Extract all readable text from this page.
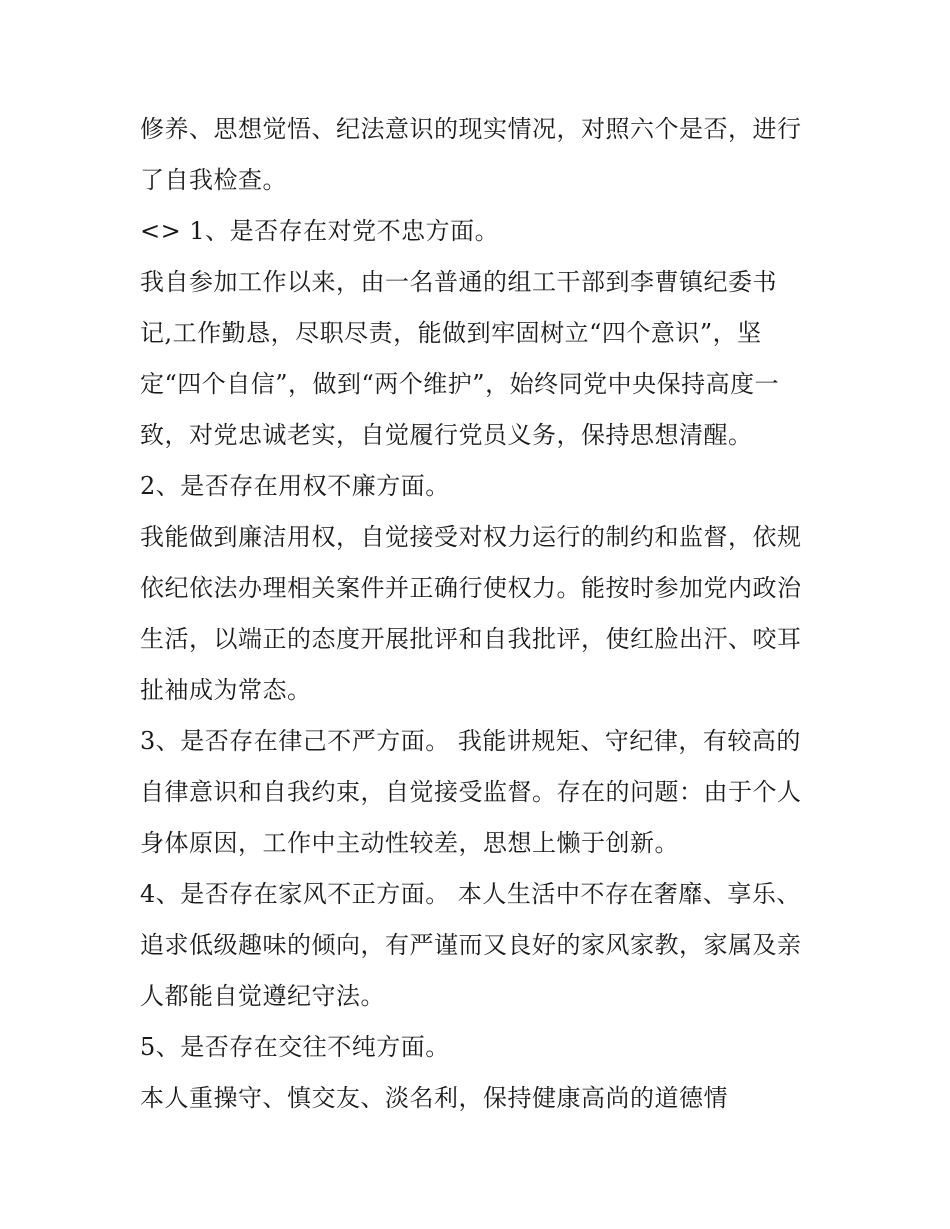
修养、思想觉悟、纪法意识的现实情况，对照六个是否，进行

了自我检查。

<> 1、是否存在对党不忠方面。

我自参加工作以来，由一名普通的组工干部到李曹镇纪委书

记,工作勤恳，尽职尽责，能做到牢固树立“四个意识”，坚

定“四个自信”，做到“两个维护”，始终同党中央保持高度一

致，对党忠诚老实，自觉履行党员义务，保持思想清醒。

2、是否存在用权不廉方面。

我能做到廉洁用权，自觉接受对权力运行的制约和监督，依规

依纪依法办理相关案件并正确行使权力。能按时参加党内政治

生活，以端正的态度开展批评和自我批评，使红脸出汗、咬耳

扯袖成为常态。

3、是否存在律己不严方面。 我能讲规矩、守纪律，有较高的

自律意识和自我约束，自觉接受监督。存在的问题：由于个人

身体原因，工作中主动性较差，思想上懒于创新。

4、是否存在家风不正方面。 本人生活中不存在奢靡、享乐、

追求低级趣味的倾向，有严谨而又良好的家风家教，家属及亲

人都能自觉遵纪守法。

5、是否存在交往不纯方面。

本人重操守、慎交友、淡名利，保持健康高尚的道德情
